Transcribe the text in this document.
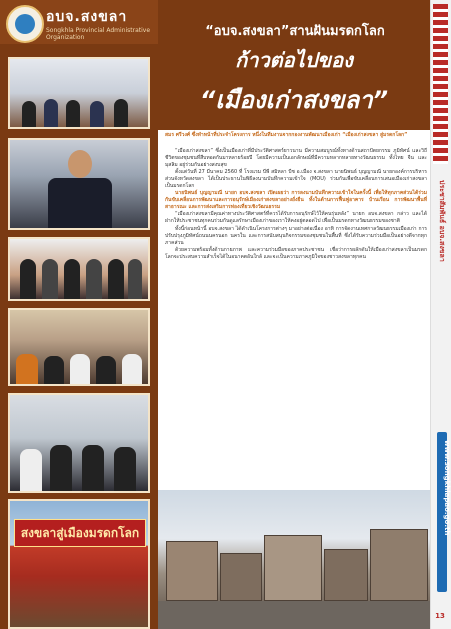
อบจ.สงขลา
Songkhla Provincial Administrative Organization
สงขลาสู่เมืองมรดกโลก
“อบจ.สงขลา”สานฝันมรดกโลก
ก้าวต่อไปของ
“เมืองเก่าสงขลา”
สมร ศรีวงศ์ ซึ่งทำหน้าที่ประจำโครงการ หนึ่งในทีมงานจากกองงานพัฒนาเมืองเก่า “เมืองเก่าสงขลา สู่มรดกโลก”

“เมืองเก่าสงขลา” ซึ่งเป็นเมืองเก่าที่มีประวัติศาสตร์ยาวนาน มีความสมบูรณ์ทั้งทางด้านสถาปัตยกรรม ภูมิทัศน์ และวิถีชีวิตของชุมชนที่สืบทอดกันมาหลายร้อยปี โดยมีความเป็นเอกลักษณ์ที่มีความหลากหลายทางวัฒนธรรม ทั้งไทย จีน และมุสลิม อยู่ร่วมกันอย่างสงบสุข

ตั้งแต่วันที่ 27 มีนาคม 2560 ที่ โรงแรม บีพี สมิหลา บีช อ.เมือง จ.สงขลา นายนิพนธ์ บุญญามณี นายกองค์การบริหารส่วนจังหวัดสงขลา ได้เป็นประธานในพิธีลงนามบันทึกความเข้าใจ (MOU) ร่วมกันเพื่อขับเคลื่อนการเสนอเมืองเก่าสงขลาเป็นมรดกโลก

นายนิพนธ์ บุญญามณี นายก อบจ.สงขลา เปิดเผยว่า การลงนามบันทึกความเข้าใจในครั้งนี้ เพื่อให้ทุกภาคส่วนได้ร่วมกันขับเคลื่อนการพัฒนาและการอนุรักษ์เมืองเก่าสงขลาอย่างยั่งยืน ทั้งในด้านการฟื้นฟูอาคาร บ้านเรือน การพัฒนาพื้นที่สาธารณะ และการส่งเสริมการท่องเที่ยวเชิงวัฒนธรรม

“เมืองเก่าสงขลามีคุณค่าทางประวัติศาสตร์ที่ควรได้รับการอนุรักษ์ไว้ให้คนรุ่นหลัง” นายก อบจ.สงขลา กล่าว และได้ฝากให้ประชาชนทุกคนร่วมกันดูแลรักษาเมืองเก่าของเราให้คงอยู่ตลอดไป เพื่อเป็นมรดกทางวัฒนธรรมของชาติ

ทั้งนี้ก่อนหน้านี้ อบจ.สงขลา ได้ดำเนินโครงการต่างๆ มาอย่างต่อเนื่อง อาทิ การจัดงานเทศกาลวัฒนธรรมเมืองเก่า การปรับปรุงภูมิทัศน์ถนนนครนอก นครใน และการสนับสนุนกิจกรรมของชุมชนในพื้นที่ ซึ่งได้รับความร่วมมือเป็นอย่างดีจากทุกภาคส่วน

ด้วยความพร้อมทั้งด้านกายภาพ และความร่วมมือของภาคประชาชน เชื่อว่าการผลักดันให้เมืองเก่าสงขลาเป็นมรดกโลกจะประสบความสำเร็จได้ในอนาคตอันใกล้ และจะเป็นความภาคภูมิใจของชาวสงขลาทุกคน	ประชาสัมพันธ์ อบจ.สงขลา
www.songkhlapao.go.th
13
